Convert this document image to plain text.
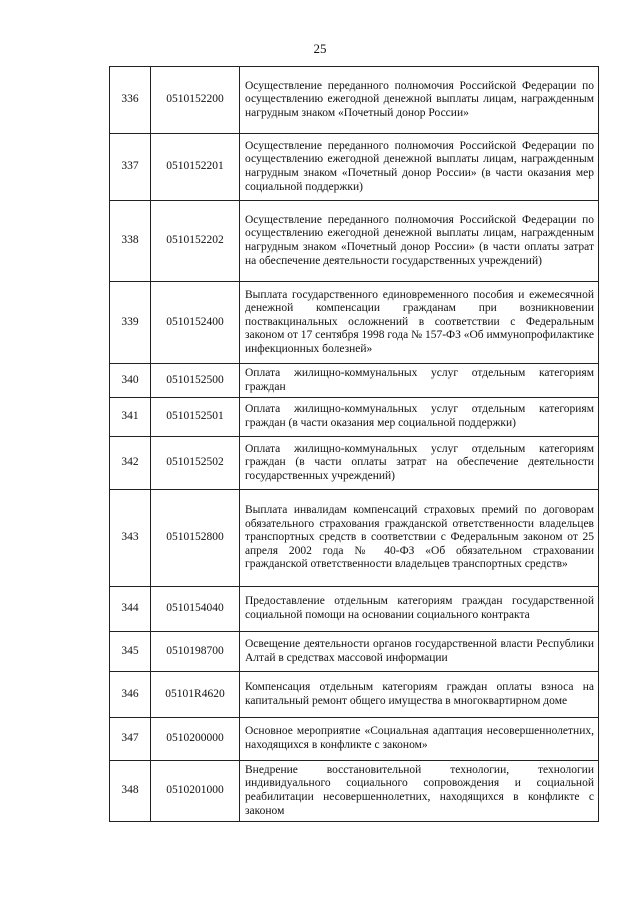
25
336	0510152200	Осуществление переданного полномочия Российской Федерации по осуществлению ежегодной денежной выплаты лицам, награжденным нагрудным знаком «Почетный донор России»
337	0510152201	Осуществление переданного полномочия Российской Федерации по осуществлению ежегодной денежной выплаты лицам, награжденным нагрудным знаком «Почетный донор России» (в части оказания мер социальной поддержки)
338	0510152202	Осуществление переданного полномочия Российской Федерации по осуществлению ежегодной денежной выплаты лицам, награжденным нагрудным знаком «Почетный донор России» (в части оплаты затрат на обеспечение деятельности государственных учреждений)
339	0510152400	Выплата государственного единовременного пособия и ежемесячной денежной компенсации гражданам при возникновении поствакцинальных осложнений в соответствии с Федеральным законом от 17 сентября 1998 года № 157-ФЗ «Об иммунопрофилактике инфекционных болезней»
340	0510152500	Оплата жилищно-коммунальных услуг отдельным категориям граждан
341	0510152501	Оплата жилищно-коммунальных услуг отдельным категориям граждан (в части оказания мер социальной поддержки)
342	0510152502	Оплата жилищно-коммунальных услуг отдельным категориям граждан (в части оплаты затрат на обеспечение деятельности государственных учреждений)
343	0510152800	Выплата инвалидам компенсаций страховых премий по договорам обязательного страхования гражданской ответственности владельцев транспортных средств в соответствии с Федеральным законом от 25 апреля 2002 года № 40-ФЗ «Об обязательном страховании гражданской ответственности владельцев транспортных средств»
344	0510154040	Предоставление отдельным категориям граждан государственной социальной помощи на основании социального контракта
345	0510198700	Освещение деятельности органов государственной власти Республики Алтай в средствах массовой информации
346	05101R4620	Компенсация отдельным категориям граждан оплаты взноса на капитальный ремонт общего имущества в многоквартирном доме
347	0510200000	Основное мероприятие «Социальная адаптация несовершеннолетних, находящихся в конфликте с законом»
348	0510201000	Внедрение восстановительной технологии, технологии индивидуального социального сопровождения и социальной реабилитации несовершеннолетних, находящихся в конфликте с законом
